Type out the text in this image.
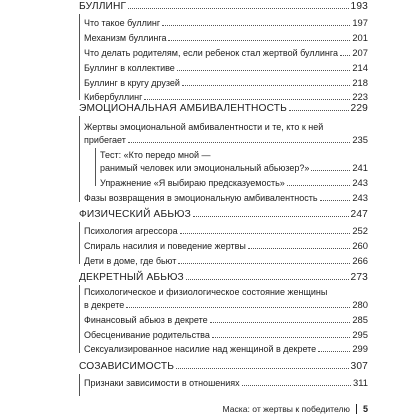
БУЛЛИНГ	193
Что такое буллинг	197
Механизм буллинга	201
Что делать родителям, если ребенок стал жертвой буллинга 207
Буллинг в коллективе	214
Буллинг в кругу друзей	218
Кибербуллинг	223
ЭМОЦИОНАЛЬНАЯ АМБИВАЛЕНТНОСТЬ	229
Жертвы эмоциональной амбивалентности и те, кто к ней
прибегает	235
Тест: «Кто передо мной —
ранимый человек или эмоциональный абьюзер?»	241
Упражнение «Я выбираю предсказуемость»	243
Фазы возвращения в эмоциональную амбивалентность	243
ФИЗИЧЕСКИЙ АБЬЮЗ	247
Психология агрессора	252
Спираль насилия и поведение жертвы	260
Дети в доме, где бьют	266
ДЕКРЕТНЫЙ АБЬЮЗ	273
Психологическое и физиологическое состояние женщины
в декрете	280
Финансовый абьюз в декрете	285
Обесценивание родительства	295
Сексуализированное насилие над женщиной в декрете	299
СОЗАВИСИМОСТЬ	307
Признаки зависимости в отношениях	311
Маска: от жертвы к победителю 5
